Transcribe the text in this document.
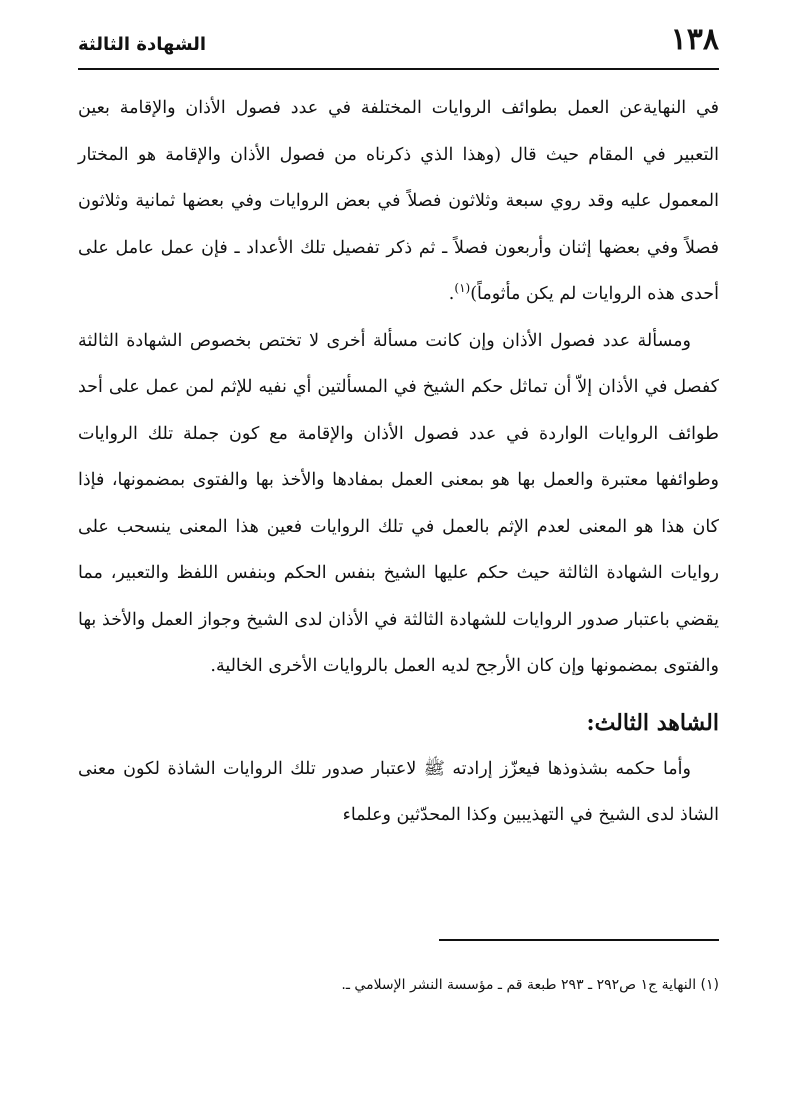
١٣٨
الشهادة الثالثة

في النهايةعن العمل بطوائف الروايات المختلفة في عدد فصول الأذان والإقامة بعين التعبير في المقام حيث قال (وهذا الذي ذكرناه من فصول الأذان والإقامة هو المختار المعمول عليه وقد روي سبعة وثلاثون فصلاً في بعض الروايات وفي بعضها ثمانية وثلاثون فصلاً وفي بعضها إثنان وأربعون فصلاً ـ ثم ذكر تفصيل تلك الأعداد ـ فإن عمل عامل على أحدى هذه الروايات لم يكن مأثوماً)$^{(١)}$.

ومسألة عدد فصول الأذان وإن كانت مسألة أخرى لا تختص بخصوص الشهادة الثالثة كفصل في الأذان إلاّ أن تماثل حكم الشيخ في المسألتين أي نفيه للإثم لمن عمل على أحد طوائف الروايات الواردة في عدد فصول الأذان والإقامة مع كون جملة تلك الروايات وطوائفها معتبرة والعمل بها هو بمعنى العمل بمفادها والأخذ بها والفتوى بمضمونها، فإذا كان هذا هو المعنى لعدم الإثم بالعمل في تلك الروايات فعين هذا المعنى ينسحب على روايات الشهادة الثالثة حيث حكم عليها الشيخ بنفس الحكم وبنفس اللفظ والتعبير، مما يقضي باعتبار صدور الروايات للشهادة الثالثة في الأذان لدى الشيخ وجواز العمل والأخذ بها والفتوى بمضمونها وإن كان الأرجح لديه العمل بالروايات الأخرى الخالية.

الشاهد الثالث:

وأما حكمه بشذوذها فيعزّز إرادته ﷺ لاعتبار صدور تلك الروايات الشاذة لكون معنى الشاذ لدى الشيخ في التهذيبين وكذا المحدّثين وعلماء

(١) النهاية ج١ ص٢٩٢ ـ ٢٩٣ طبعة قم ـ مؤسسة النشر الإسلامي ـ.
